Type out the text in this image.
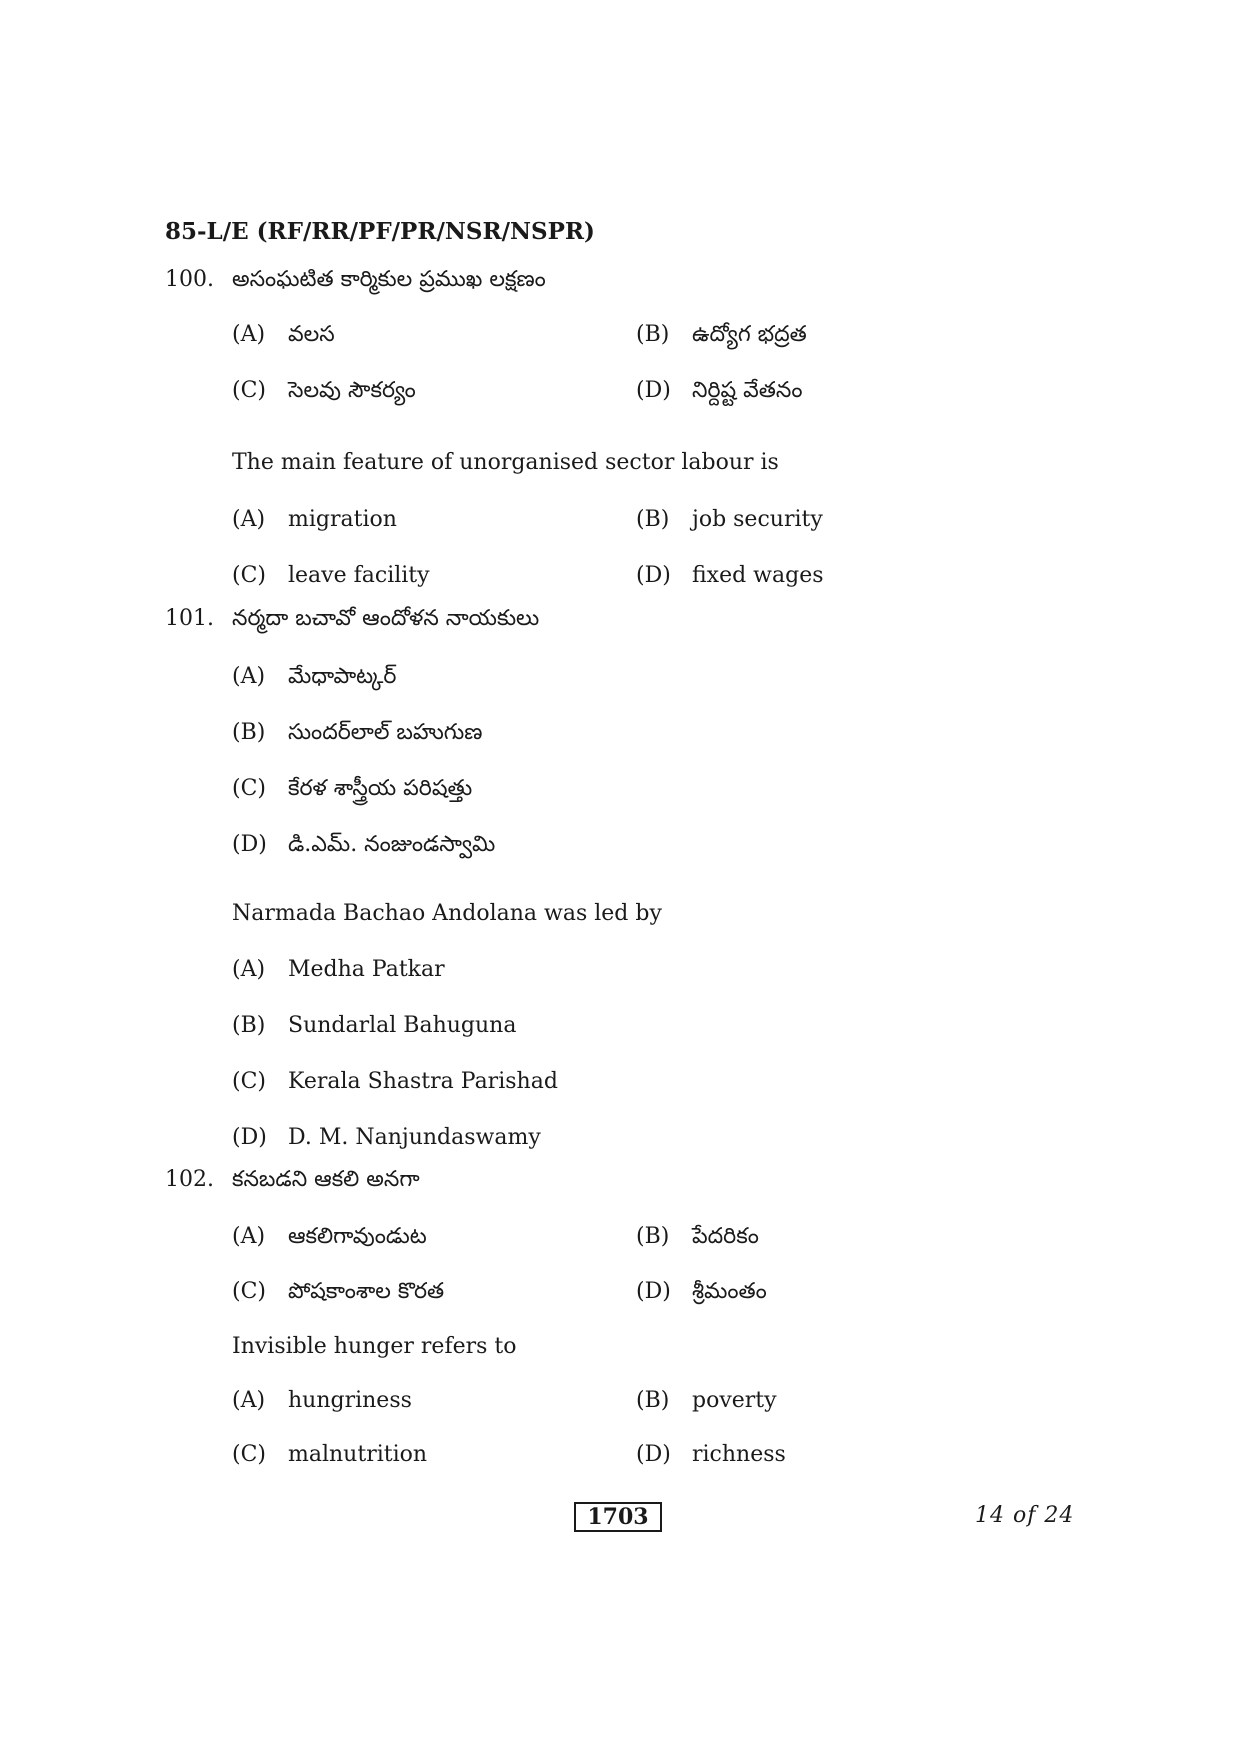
85-L/E (RF/RR/PF/PR/NSR/NSPR)
100. అసంఘటిత కార్మికుల ప్రముఖ లక్షణం
(A) వలస	(B) ఉద్యోగ భద్రత
(C) సెలవు సౌకర్యం	(D) నిర్దిష్ట వేతనం
The main feature of unorganised sector labour is
(A) migration	(B) job security
(C) leave facility	(D) fixed wages
101. నర్మదా బచావో ఆందోళన నాయకులు
(A) మేధాపాట్కర్
(B) సుందర్‌లాల్ బహుగుణ
(C) కేరళ శాస్త్రీయ పరిషత్తు
(D) డి.ఎమ్. నంజుండస్వామి
Narmada Bachao Andolana was led by
(A) Medha Patkar
(B) Sundarlal Bahuguna
(C) Kerala Shastra Parishad
(D) D. M. Nanjundaswamy
102. కనబడని ఆకలి అనగా
(A) ఆకలిగావుండుట	(B) పేదరికం
(C) పోషకాంశాల కొరత	(D) శ్రీమంతం
Invisible hunger refers to
(A) hungriness	(B) poverty
(C) malnutrition	(D) richness
1703	14 of 24
